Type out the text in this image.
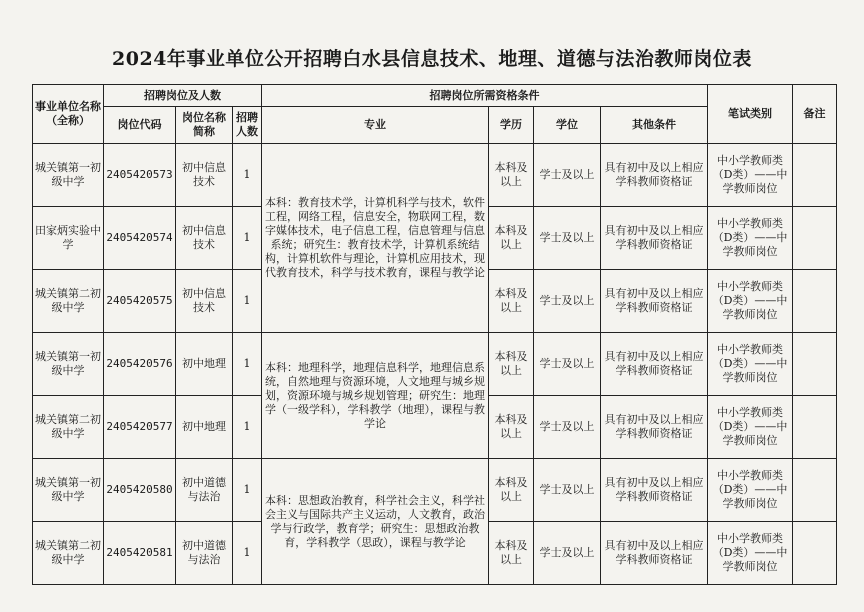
2024年事业单位公开招聘白水县信息技术、地理、道德与法治教师岗位表
事业单位名称（全称）	招聘岗位及人数			招聘岗位所需资格条件				笔试类别	备注
	岗位代码	岗位名称简称	招聘人数	专业	学历	学位	其他条件		
城关镇第一初级中学	2405420573	初中信息技术	1	本科：教育技术学，计算机科学与技术，软件工程，网络工程，信息安全，物联网工程，数字媒体技术，电子信息工程，信息管理与信息系统；研究生：教育技术学，计算机系统结构，计算机软件与理论，计算机应用技术，现代教育技术，科学与技术教育，课程与教学论	本科及以上	学士及以上	具有初中及以上相应学科教师资格证	中小学教师类（D类）——中学教师岗位	
田家炳实验中学	2405420574	初中信息技术	1		本科及以上	学士及以上	具有初中及以上相应学科教师资格证	中小学教师类（D类）——中学教师岗位	
城关镇第二初级中学	2405420575	初中信息技术	1		本科及以上	学士及以上	具有初中及以上相应学科教师资格证	中小学教师类（D类）——中学教师岗位	
城关镇第一初级中学	2405420576	初中地理	1	本科：地理科学，地理信息科学，地理信息系统，自然地理与资源环境，人文地理与城乡规划，资源环境与城乡规划管理；研究生：地理学（一级学科），学科教学（地理），课程与教学论	本科及以上	学士及以上	具有初中及以上相应学科教师资格证	中小学教师类（D类）——中学教师岗位	
城关镇第二初级中学	2405420577	初中地理	1		本科及以上	学士及以上	具有初中及以上相应学科教师资格证	中小学教师类（D类）——中学教师岗位	
城关镇第一初级中学	2405420580	初中道德与法治	1	本科：思想政治教育，科学社会主义，科学社会主义与国际共产主义运动，人文教育，政治学与行政学，教育学；研究生：思想政治教育，学科教学（思政），课程与教学论	本科及以上	学士及以上	具有初中及以上相应学科教师资格证	中小学教师类（D类）——中学教师岗位	
城关镇第二初级中学	2405420581	初中道德与法治	1		本科及以上	学士及以上	具有初中及以上相应学科教师资格证	中小学教师类（D类）——中学教师岗位	
